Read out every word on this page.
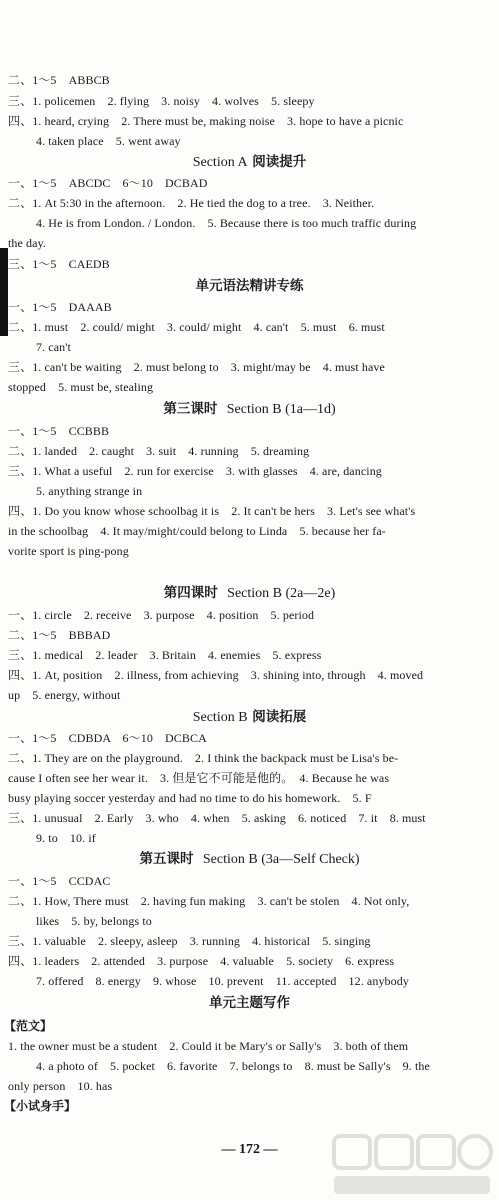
二、1～5　ABBCB
三、1. policemen　2. flying　3. noisy　4. wolves　5. sleepy
四、1. heard, crying　2. There must be, making noise　3. hope to have a picnic
4. taken place　5. went away
Section A 阅读提升
一、1～5　ABCDC　6～10　DCBAD
二、1. At 5:30 in the afternoon.　2. He tied the dog to a tree.　3. Neither.
4. He is from London. / London.　5. Because there is too much traffic during
the day.
三、1～5　CAEDB
单元语法精讲专练
一、1～5　DAAAB
二、1. must　2. could/ might　3. could/ might　4. can't　5. must　6. must
7. can't
三、1. can't be waiting　2. must belong to　3. might/may be　4. must have
stopped　5. must be, stealing
第三课时 Section B (1a—1d)
一、1～5　CCBBB
二、1. landed　2. caught　3. suit　4. running　5. dreaming
三、1. What a useful　2. run for exercise　3. with glasses　4. are, dancing
5. anything strange in
四、1. Do you know whose schoolbag it is　2. It can't be hers　3. Let's see what's
in the schoolbag　4. It may/might/could belong to Linda　5. because her fa-
vorite sport is ping-pong
第四课时 Section B (2a—2e)
一、1. circle　2. receive　3. purpose　4. position　5. period
二、1～5　BBBAD
三、1. medical　2. leader　3. Britain　4. enemies　5. express
四、1. At, position　2. illness, from achieving　3. shining into, through　4. moved
up　5. energy, without
Section B 阅读拓展
一、1～5　CDBDA　6～10　DCBCA
二、1. They are on the playground.　2. I think the backpack must be Lisa's be-
cause I often see her wear it.　3. 但是它不可能是他的。　4. Because he was
busy playing soccer yesterday and had no time to do his homework.　5. F
三、1. unusual　2. Early　3. who　4. when　5. asking　6. noticed　7. it　8. must
9. to　10. if
第五课时 Section B (3a—Self Check)
一、1～5　CCDAC
二、1. How, There must　2. having fun making　3. can't be stolen　4. Not only,
likes　5. by, belongs to
三、1. valuable　2. sleepy, asleep　3. running　4. historical　5. singing
四、1. leaders　2. attended　3. purpose　4. valuable　5. society　6. express
7. offered　8. energy　9. whose　10. prevent　11. accepted　12. anybody
单元主题写作
【范文】
1. the owner must be a student　2. Could it be Mary's or Sally's　3. both of them
4. a photo of　5. pocket　6. favorite　7. belongs to　8. must be Sally's　9. the
only person　10. has
【小试身手】
— 172 —
